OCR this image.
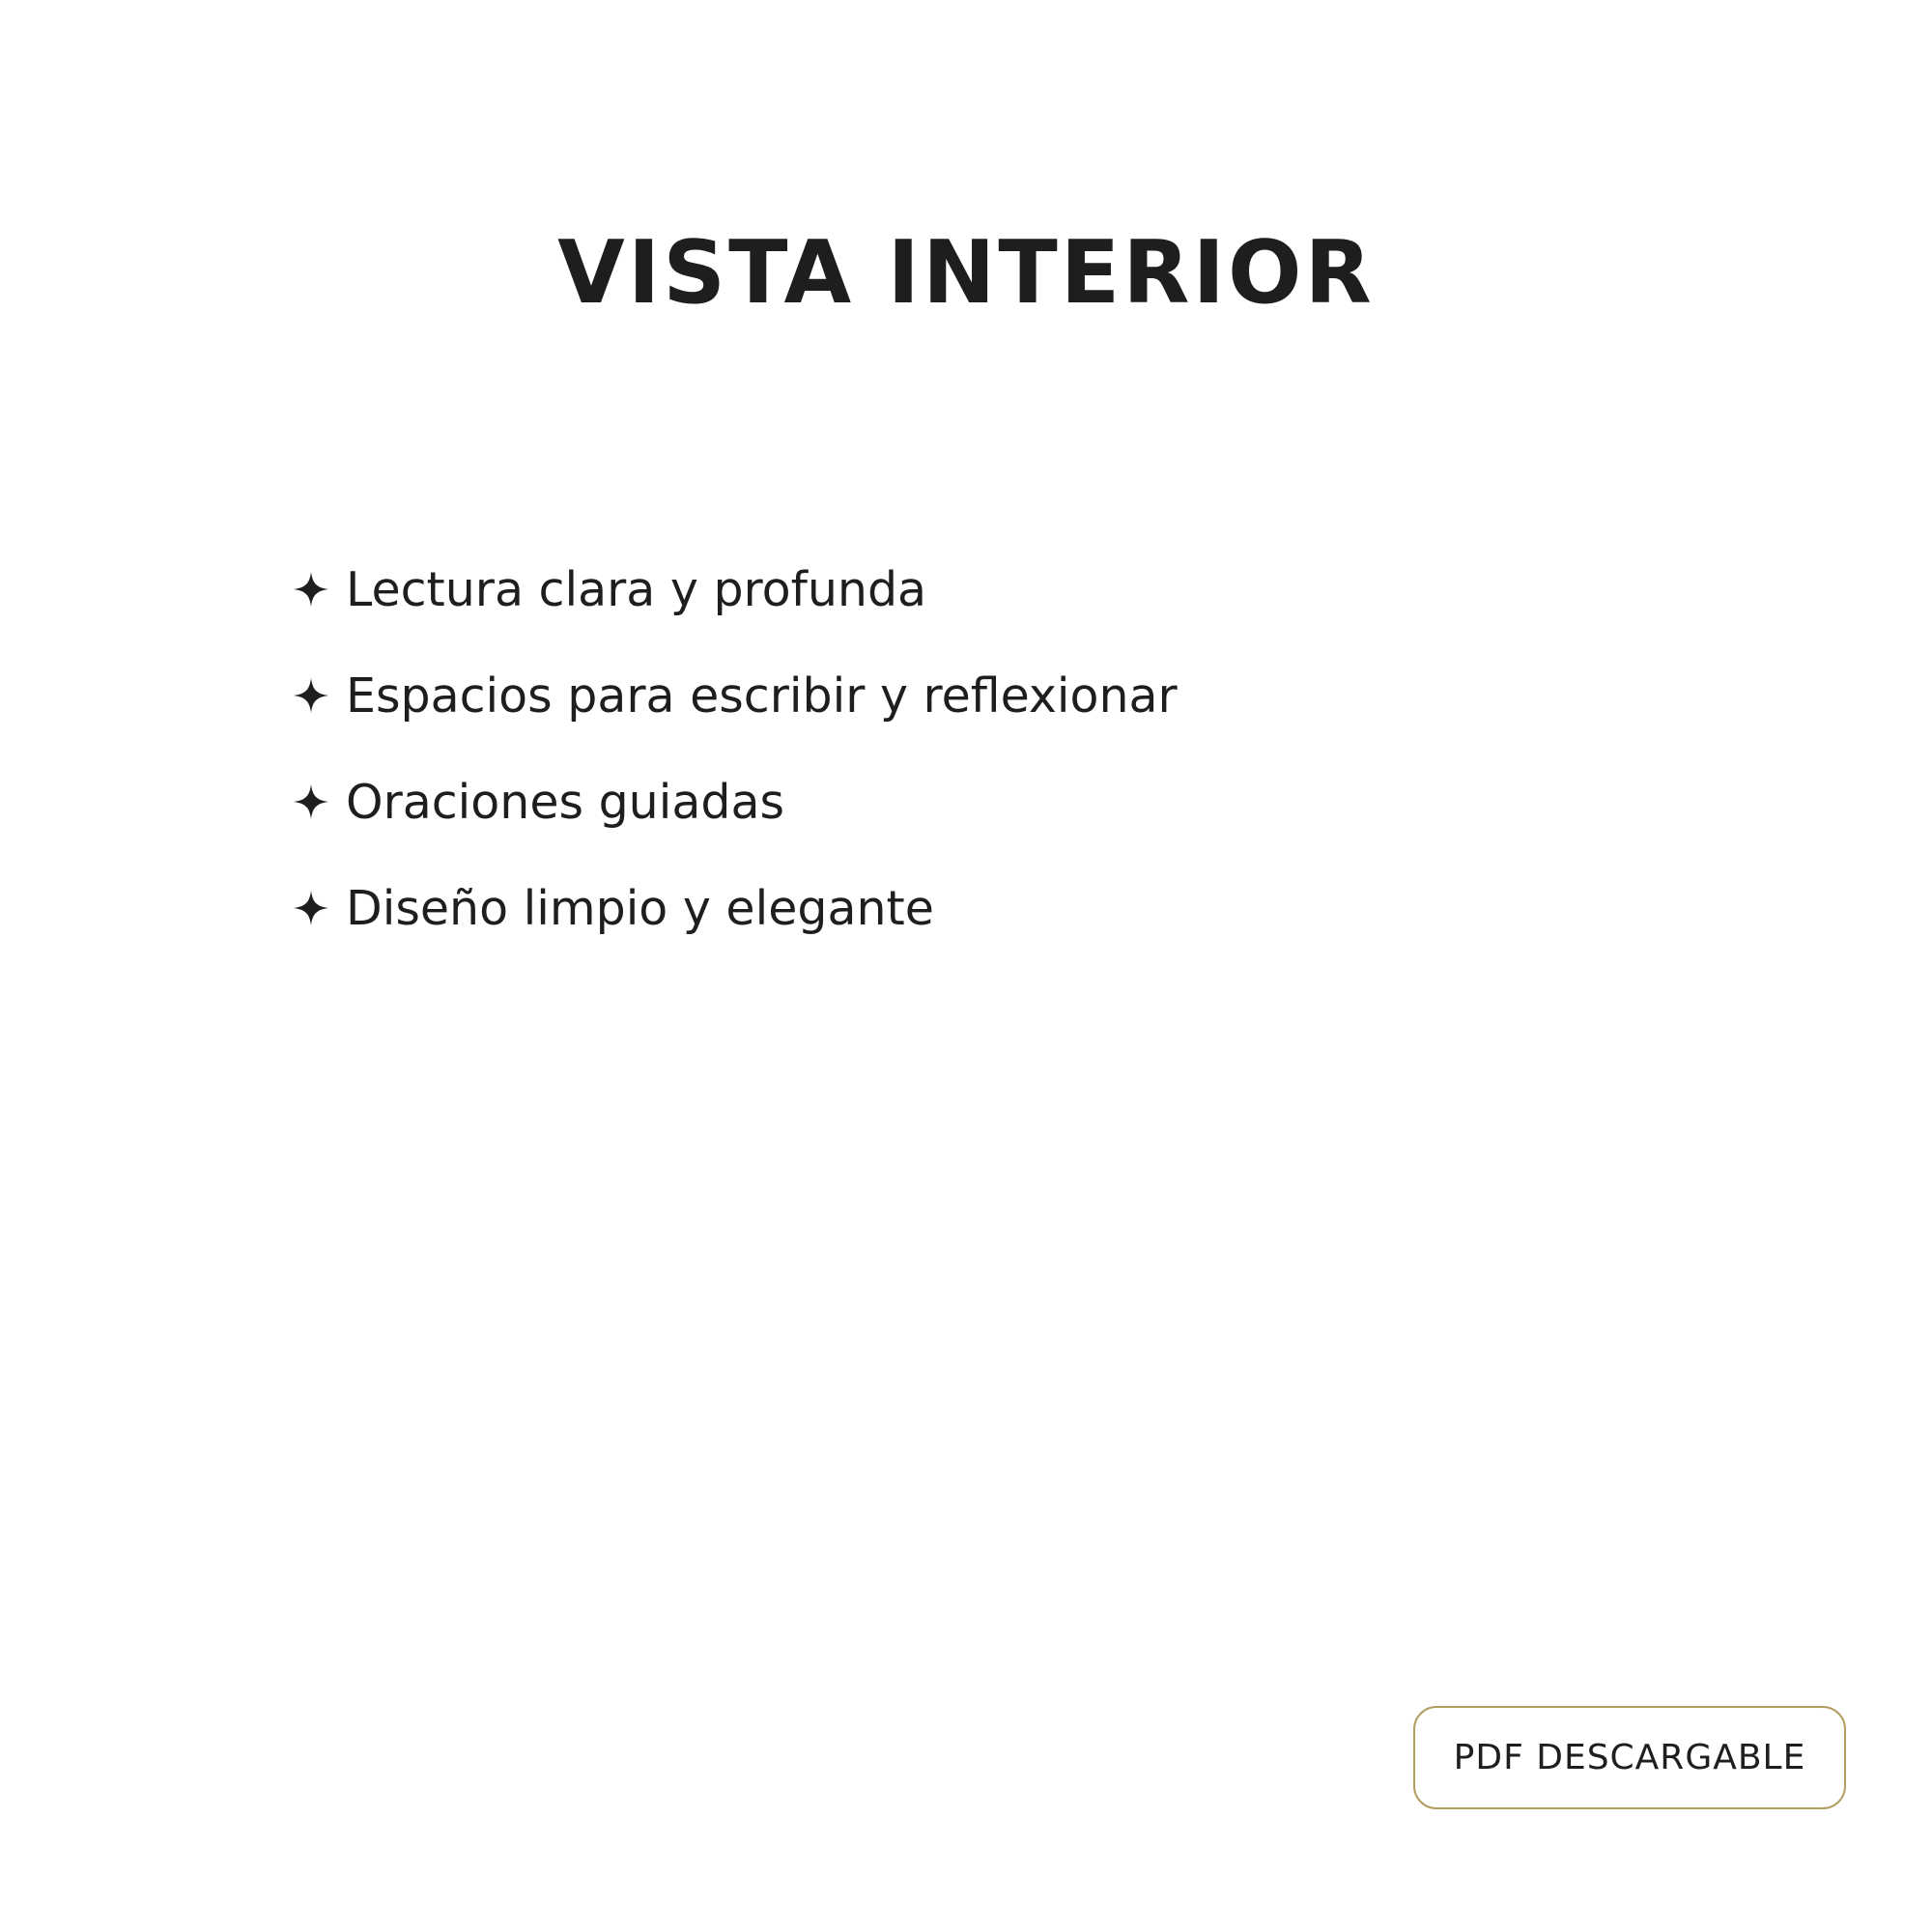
VISTA INTERIOR
Lectura clara y profunda
Espacios para escribir y reflexionar
Oraciones guiadas
Diseño limpio y elegante
PDF DESCARGABLE
